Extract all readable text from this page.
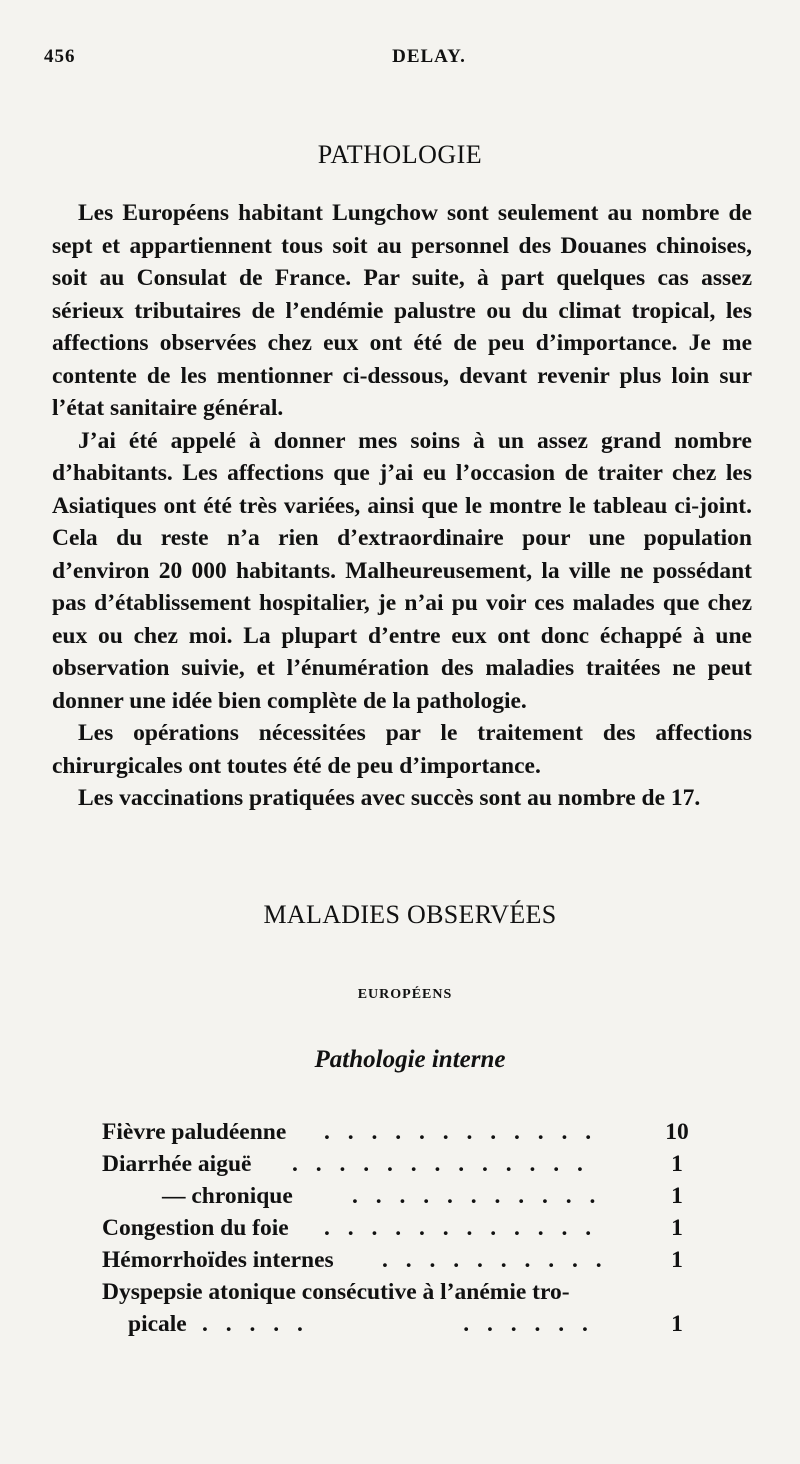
456	DELAY.
PATHOLOGIE

Les Européens habitant Lungchow sont seulement au nombre de sept et appartiennent tous soit au personnel des Douanes chinoises, soit au Consulat de France. Par suite, à part quelques cas assez sérieux tributaires de l’endémie palustre ou du climat tropical, les affections observées chez eux ont été de peu d’importance. Je me contente de les mentionner ci-dessous, devant revenir plus loin sur l’état sanitaire général.

J’ai été appelé à donner mes soins à un assez grand nombre d’habitants. Les affections que j’ai eu l’occasion de traiter chez les Asiatiques ont été très variées, ainsi que le montre le tableau ci-joint. Cela du reste n’a rien d’extraordinaire pour une population d’environ 20 000 habitants. Malheureusement, la ville ne possédant pas d’établissement hospitalier, je n’ai pu voir ces malades que chez eux ou chez moi. La plupart d’entre eux ont donc échappé à une observation suivie, et l’énumération des maladies traitées ne peut donner une idée bien complète de la pathologie.

Les opérations nécessitées par le traitement des affections chirurgicales ont toutes été de peu d’importance.

Les vaccinations pratiquées avec succès sont au nombre de 17.

MALADIES OBSERVÉES
EUROPÉENS
Pathologie interne
Fièvre paludéenne . . . . . . . . . . . .	10
Diarrhée aiguë . . . . . . . . . . . . .	1
— chronique	. . . . . . . . . . .	1
Congestion du foie . . . . . . . . . . . .	1
Hémorrhoïdes internes . . . . . . . . . .	1
Dyspepsie atonique consécutive à l’anémie tro-
picale . . . . .             . . . . . .	1
